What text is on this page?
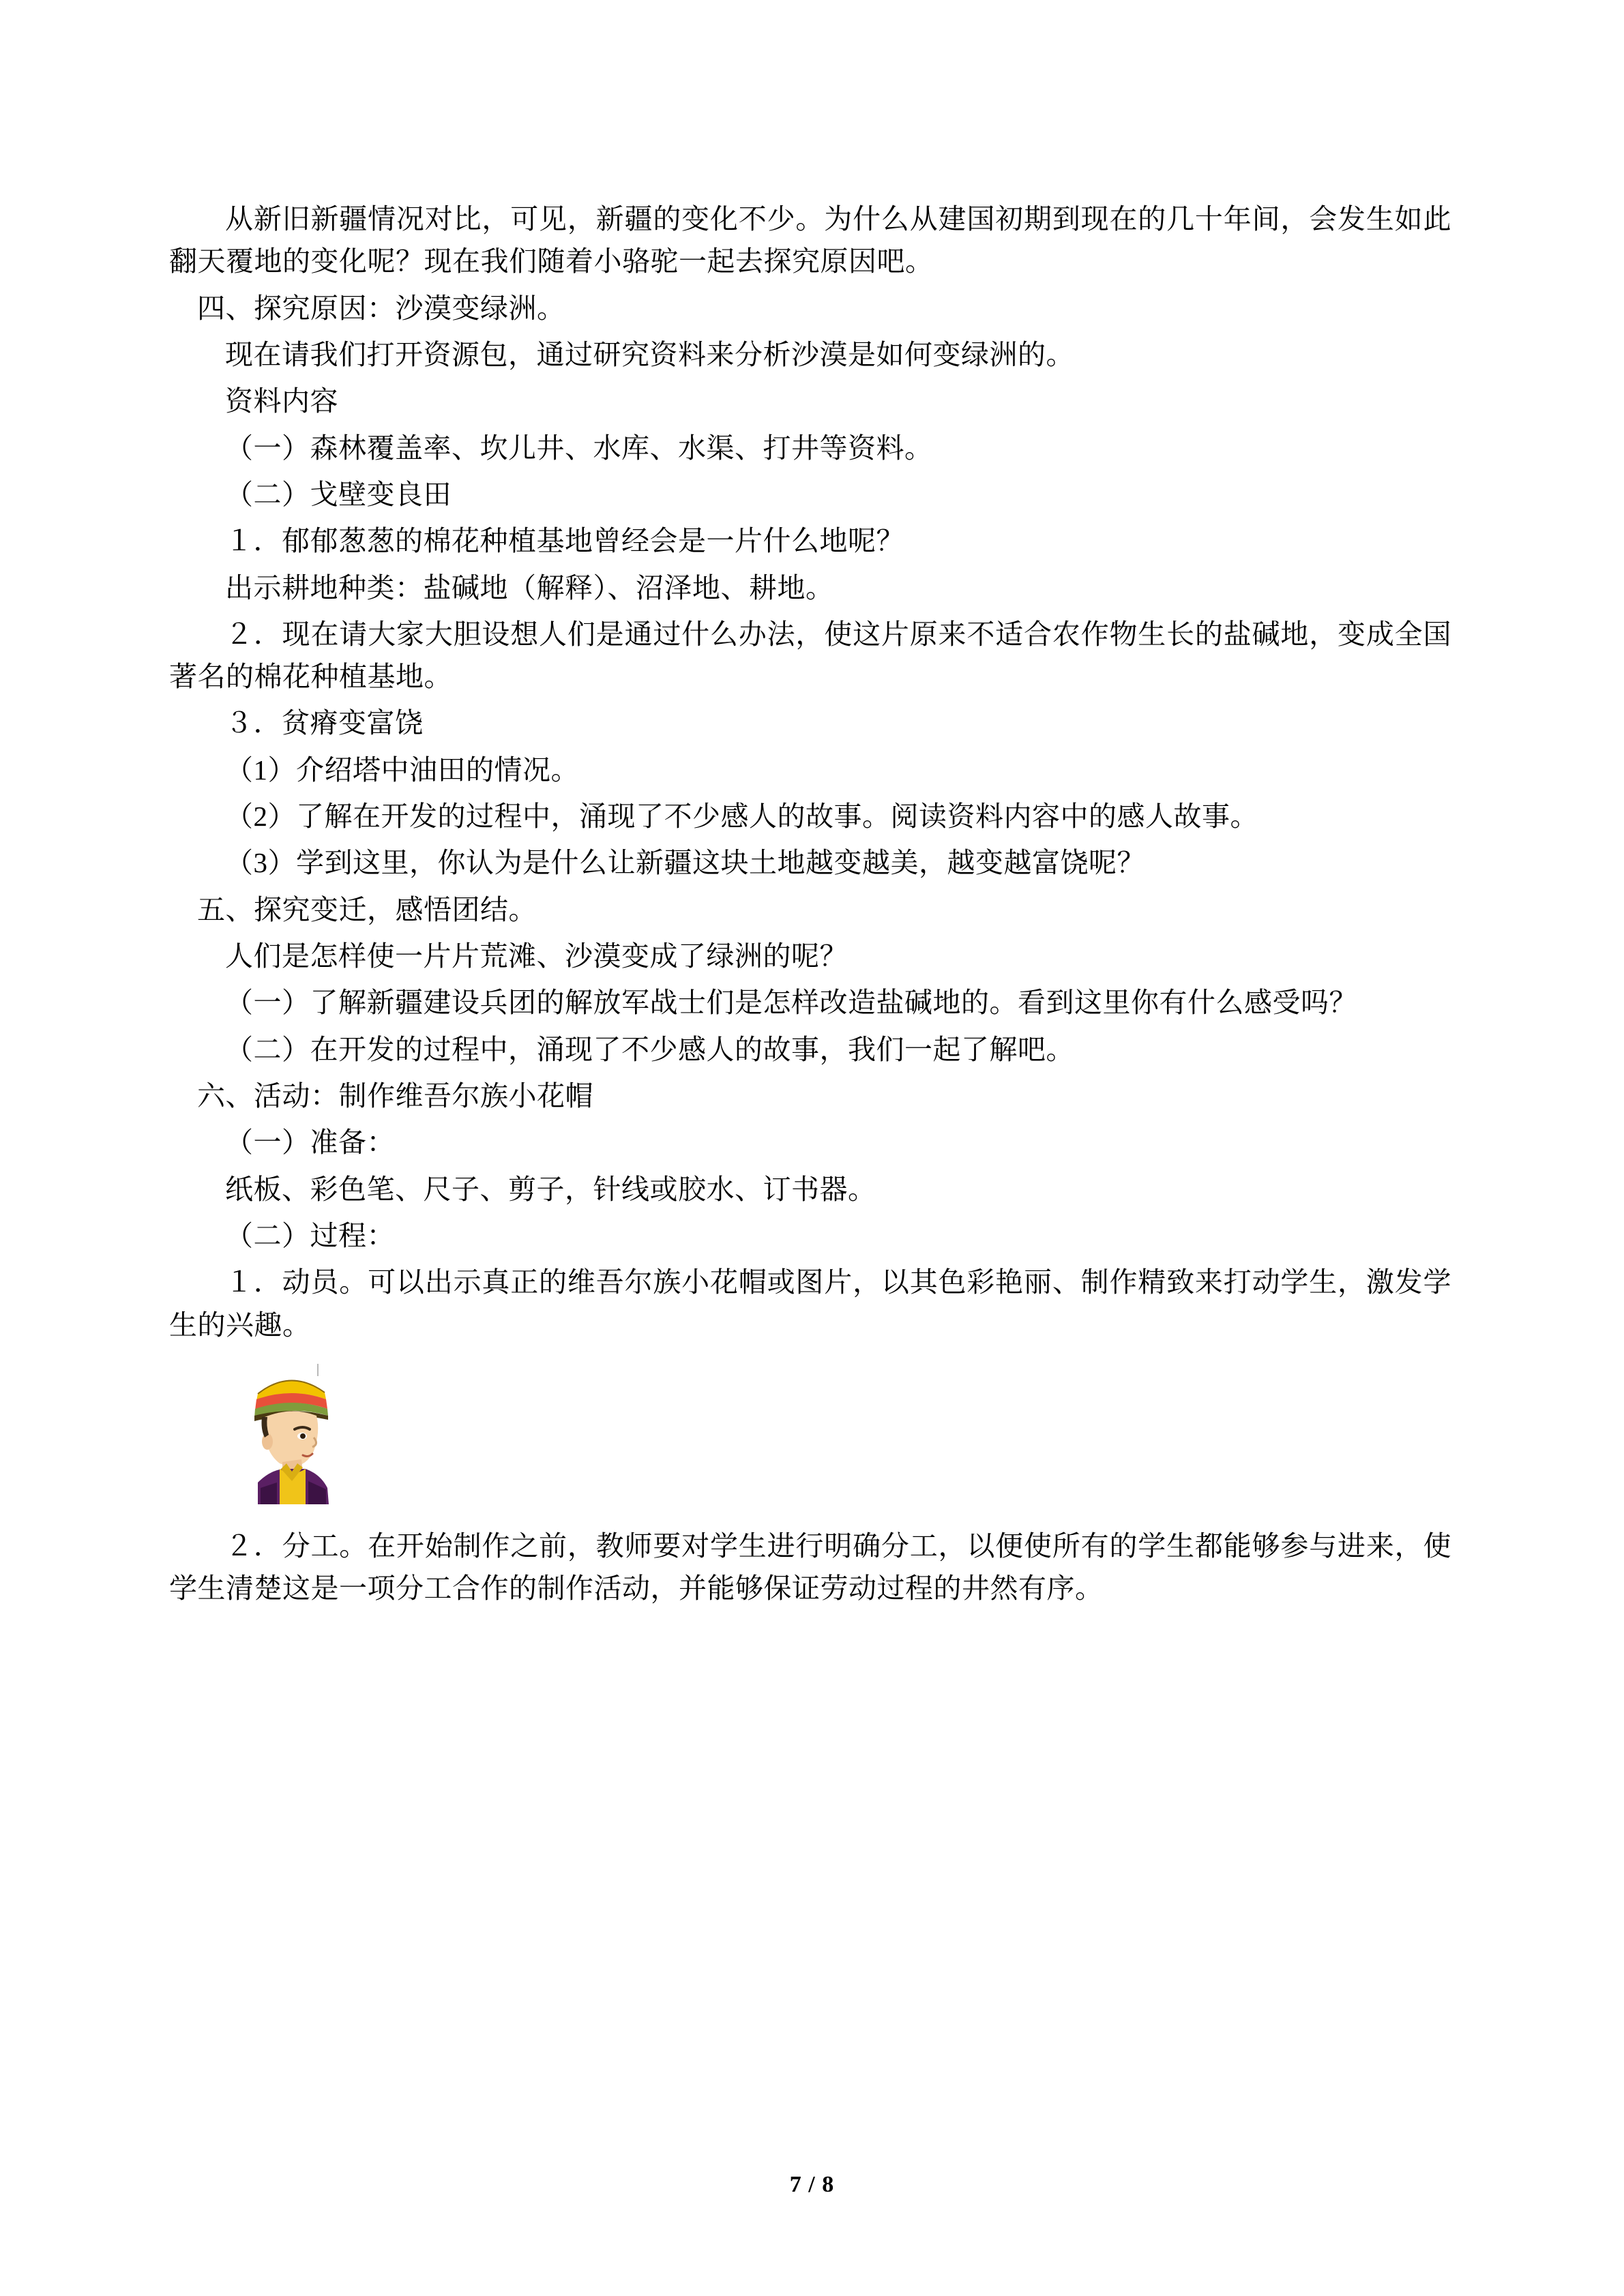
从新旧新疆情况对比，可见，新疆的变化不少。为什么从建国初期到现在的几十年间，会发生如此翻天覆地的变化呢？现在我们随着小骆驼一起去探究原因吧。

四、探究原因：沙漠变绿洲。

现在请我们打开资源包，通过研究资料来分析沙漠是如何变绿洲的。

资料内容

（一）森林覆盖率、坎儿井、水库、水渠、打井等资料。

（二）戈壁变良田

１．郁郁葱葱的棉花种植基地曾经会是一片什么地呢？

出示耕地种类：盐碱地（解释）、沼泽地、耕地。

２．现在请大家大胆设想人们是通过什么办法，使这片原来不适合农作物生长的盐碱地，变成全国著名的棉花种植基地。

３．贫瘠变富饶

（1）介绍塔中油田的情况。

（2）了解在开发的过程中，涌现了不少感人的故事。阅读资料内容中的感人故事。

（3）学到这里，你认为是什么让新疆这块土地越变越美，越变越富饶呢？

五、探究变迁，感悟团结。

人们是怎样使一片片荒滩、沙漠变成了绿洲的呢？

（一）了解新疆建设兵团的解放军战士们是怎样改造盐碱地的。看到这里你有什么感受吗？

（二）在开发的过程中，涌现了不少感人的故事，我们一起了解吧。

六、活动：制作维吾尔族小花帽

（一）准备：

纸板、彩色笔、尺子、剪子，针线或胶水、订书器。

（二）过程：

１．动员。可以出示真正的维吾尔族小花帽或图片，以其色彩艳丽、制作精致来打动学生，激发学生的兴趣。

２．分工。在开始制作之前，教师要对学生进行明确分工，以便使所有的学生都能够参与进来，使学生清楚这是一项分工合作的制作活动，并能够保证劳动过程的井然有序。

7 / 8
